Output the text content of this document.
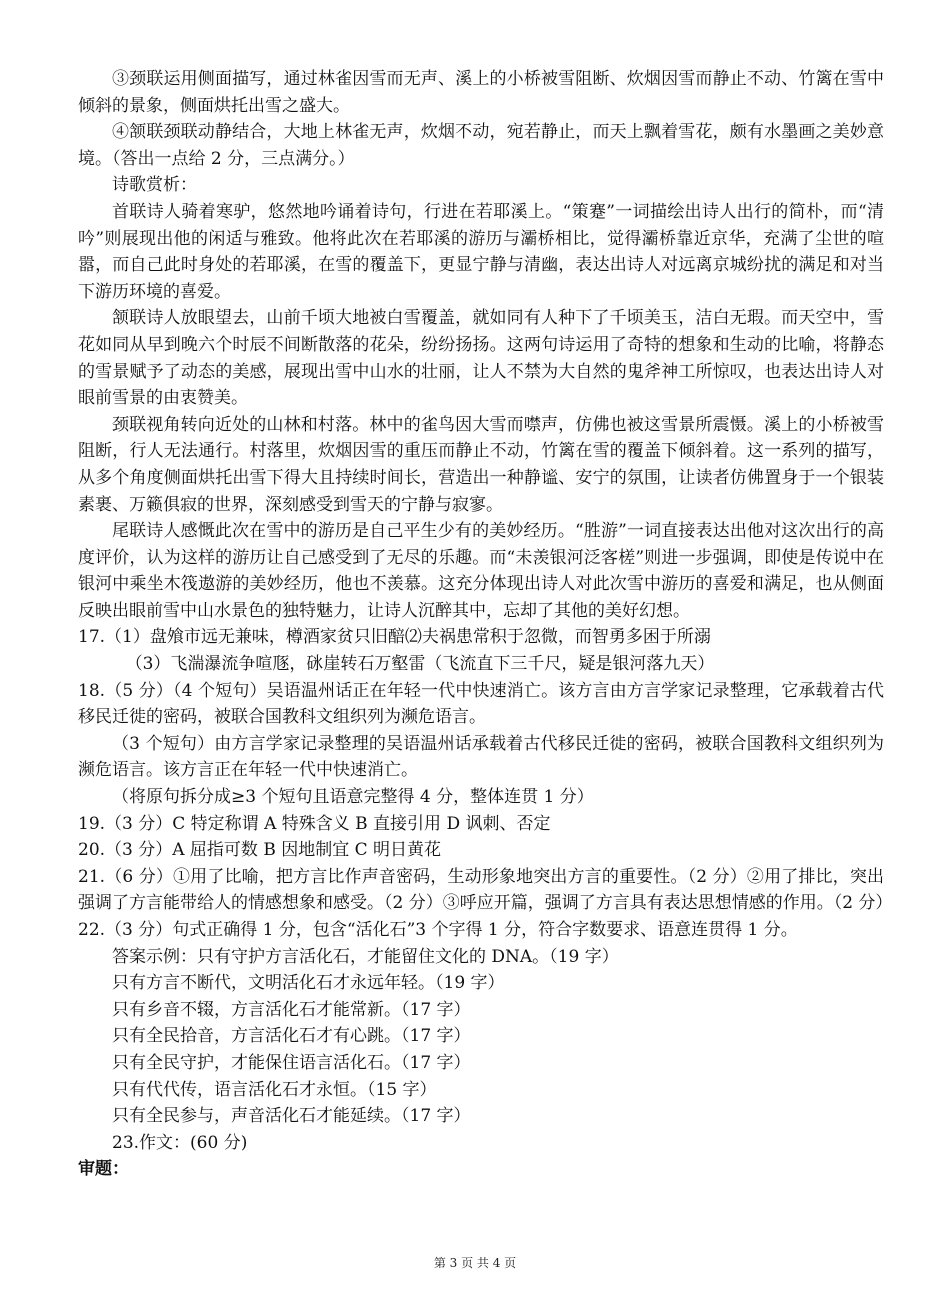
③颈联运用侧面描写，通过林雀因雪而无声、溪上的小桥被雪阻断、炊烟因雪而静止不动、竹篱在雪中倾斜的景象，侧面烘托出雪之盛大。

④颔联颈联动静结合，大地上林雀无声，炊烟不动，宛若静止，而天上飘着雪花，颇有水墨画之美妙意境。（答出一点给 2 分，三点满分。）

诗歌赏析：

首联诗人骑着寒驴，悠然地吟诵着诗句，行进在若耶溪上。“策蹇”一词描绘出诗人出行的简朴，而“清吟”则展现出他的闲适与雅致。他将此次在若耶溪的游历与灞桥相比，觉得灞桥靠近京华，充满了尘世的喧嚣，而自己此时身处的若耶溪，在雪的覆盖下，更显宁静与清幽，表达出诗人对远离京城纷扰的满足和对当下游历环境的喜爱。

颔联诗人放眼望去，山前千顷大地被白雪覆盖，就如同有人种下了千顷美玉，洁白无瑕。而天空中，雪花如同从早到晚六个时辰不间断散落的花朵，纷纷扬扬。这两句诗运用了奇特的想象和生动的比喻，将静态的雪景赋予了动态的美感，展现出雪中山水的壮丽，让人不禁为大自然的鬼斧神工所惊叹，也表达出诗人对眼前雪景的由衷赞美。

颈联视角转向近处的山林和村落。林中的雀鸟因大雪而噤声，仿佛也被这雪景所震慑。溪上的小桥被雪阻断，行人无法通行。村落里，炊烟因雪的重压而静止不动，竹篱在雪的覆盖下倾斜着。这一系列的描写，从多个角度侧面烘托出雪下得大且持续时间长，营造出一种静谧、安宁的氛围，让读者仿佛置身于一个银装素裹、万籁俱寂的世界，深刻感受到雪天的宁静与寂寥。

尾联诗人感慨此次在雪中的游历是自己平生少有的美妙经历。“胜游”一词直接表达出他对这次出行的高度评价，认为这样的游历让自己感受到了无尽的乐趣。而“未羡银河泛客槎”则进一步强调，即使是传说中在银河中乘坐木筏遨游的美妙经历，他也不羡慕。这充分体现出诗人对此次雪中游历的喜爱和满足，也从侧面反映出眼前雪中山水景色的独特魅力，让诗人沉醉其中，忘却了其他的美好幻想。

17.（1）盘飧市远无兼味，樽酒家贫只旧醅⑵夫祸患常积于忽微，而智勇多困于所溺

（3）飞湍瀑流争喧豗，砯崖转石万壑雷（飞流直下三千尺，疑是银河落九天）

18.（5 分）（4 个短句）吴语温州话正在年轻一代中快速消亡。该方言由方言学家记录整理，它承载着古代移民迁徙的密码，被联合国教科文组织列为濒危语言。

（3 个短句）由方言学家记录整理的吴语温州话承载着古代移民迁徙的密码，被联合国教科文组织列为濒危语言。该方言正在年轻一代中快速消亡。

（将原句拆分成≥3 个短句且语意完整得 4 分，整体连贯 1 分）

19.（3 分）C 特定称谓 A 特殊含义 B 直接引用 D 讽刺、否定

20.（3 分）A 屈指可数 B 因地制宜 C 明日黄花

21.（6 分）①用了比喻，把方言比作声音密码，生动形象地突出方言的重要性。（2 分）②用了排比，突出强调了方言能带给人的情感想象和感受。（2 分）③呼应开篇，强调了方言具有表达思想情感的作用。（2 分）

22.（3 分）句式正确得 1 分，包含“活化石”3 个字得 1 分，符合字数要求、语意连贯得 1 分。

答案示例：只有守护方言活化石，才能留住文化的 DNA。（19 字）

只有方言不断代，文明活化石才永远年轻。（19 字）

只有乡音不辍，方言活化石才能常新。（17 字）

只有全民拾音，方言活化石才有心跳。（17 字）

只有全民守护，才能保住语言活化石。（17 字）

只有代代传，语言活化石才永恒。（15 字）

只有全民参与，声音活化石才能延续。（17 字）

23.作文：(60 分)

审题：

第 3 页 共 4 页
